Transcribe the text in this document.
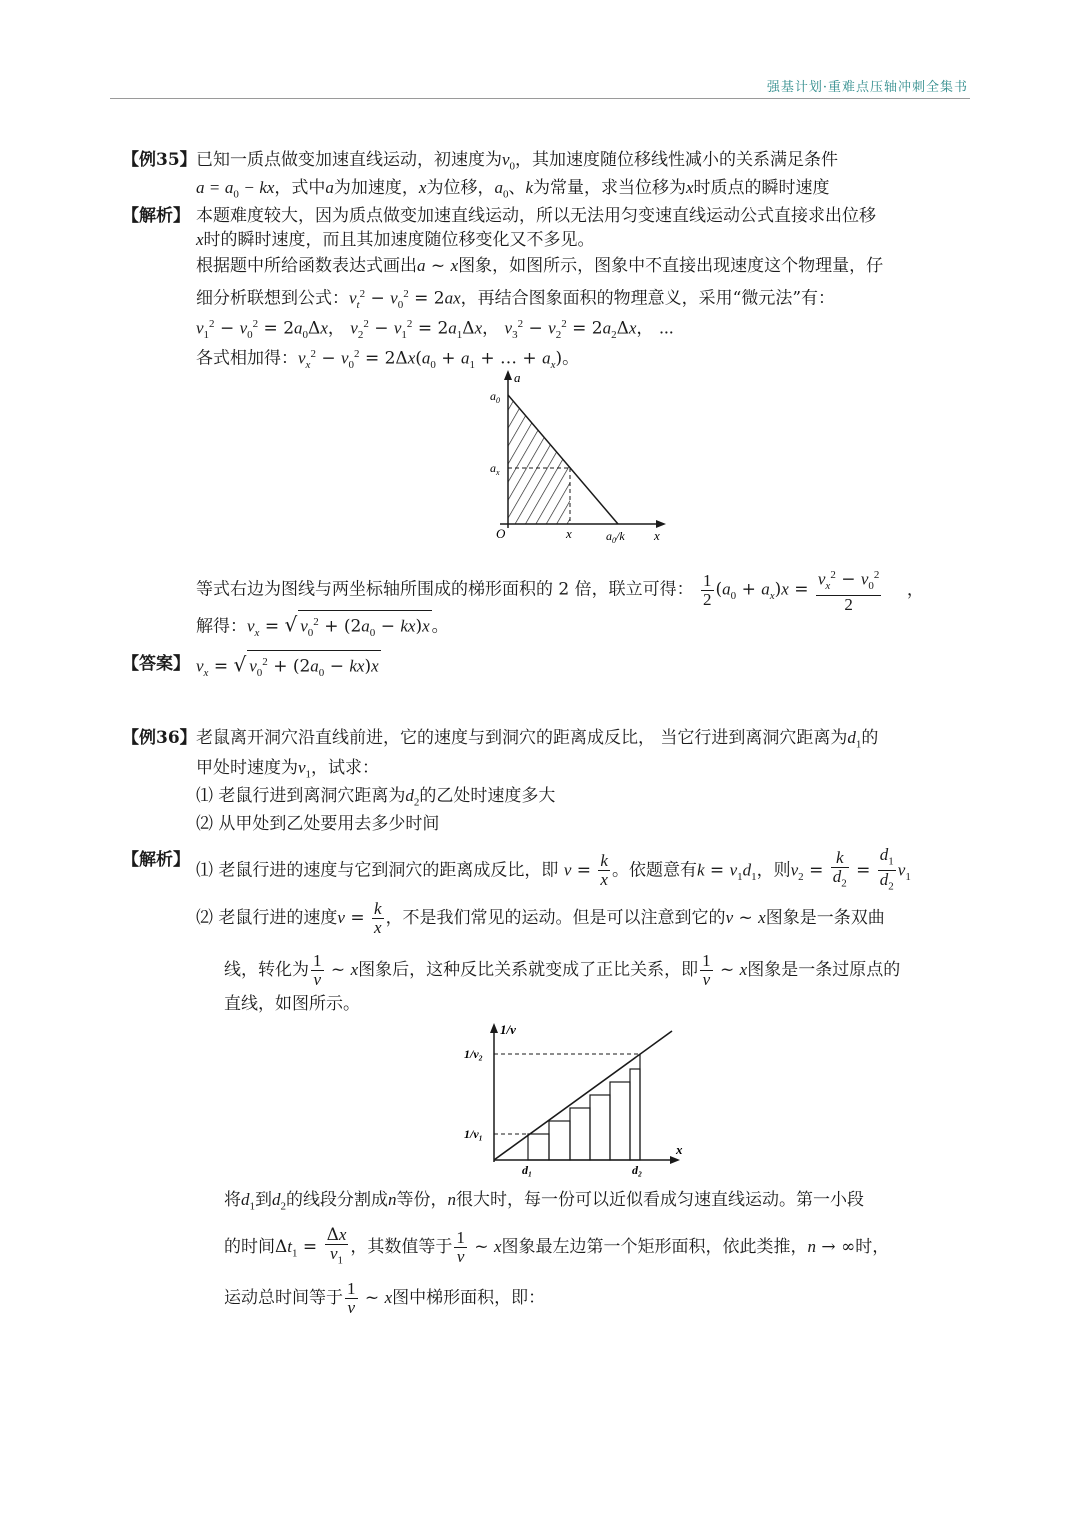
强基计划·重难点压轴冲刺全集书
【例35】 已知一质点做变加速直线运动，初速度为$v_0$，其加速度随位移线性减小的关系满足条件
$a = a_0$ − kx，式中a为加速度，x为位移，$a_0$、k为常量，求当位移为x时质点的瞬时速度
【解析】 本题难度较大，因为质点做变加速直线运动，所以无法用匀变速直线运动公式直接求出位移
x时的瞬时速度，而且其加速度随位移变化又不多见。
根据题中所给函数表达式画出a ~ x图象，如图所示，图象中不直接出现速度这个物理量，仔
细分析联想到公式：$v_t^2 - v_0^2 = 2ax$，再结合图象面积的物理意义，采用“微元法”有：
$v_1^2 - v_0^2 = 2a_0\Delta x$， $v_2^2 - v_1^2 = 2a_1\Delta x$， $v_3^2 - v_2^2 = 2a_2\Delta x$， ⋯
各式相加得：$v_x^2 - v_0^2 = 2\Delta x(a_0 + a_1$ + … + $a_x$)。
a
$a_0$
$a_x$
O	x	$a_0/k$ x
等式右边为图线与两坐标轴所围成的梯形面积的 2 倍，联立可得： $\frac{1}{2} (a_0 + a_x)x = \frac{v_x^2 - v_0^2}{2}$ ，
解得：$v_x$ = √ $v_0^2 + (2a_0 - kx)x$ 。
【答案】 $v_x$ = √ $v_0^2 + (2a_0 - kx)x$
【例36】 老鼠离开洞穴沿直线前进，它的速度与到洞穴的距离成反比， 当它行进到离洞穴距离为$d_1$的
甲处时速度为$v_1$，试求：
⑴ 老鼠行进到离洞穴距离为$d_2$的乙处时速度多大
⑵ 从甲处到乙处要用去多少时间
【解析】
⑴ 老鼠行进的速度与它到洞穴的距离成反比，即 $v = \frac{k}{x}$ 。依题意有$k = v_1d_1$，则$v_2 = \frac{k}{d_2} = \frac{d_1}{d_2} v_1$
⑵ 老鼠行进的速度$v = \frac{k}{x}$ ，不是我们常见的运动。但是可以注意到它的v ~ x图象是一条双曲
线，转化为 $\frac{1}{v}$ ~ x图象后，这种反比关系就变成了正比关系，即 $\frac{1}{v}$ ~ x图象是一条过原点的
直线，如图所示。
1/v
x
1/v₂
1/v₁
d₁	d₂
将$d_1$到$d_2$的线段分割成n等份，n很大时，每一份可以近似看成匀速直线运动。第一小段
的时间$\Delta t_1 = \frac{\Delta x}{v_1}$ ，其数值等于 $\frac{1}{v}$ ~ x图象最左边第一个矩形面积，依此类推，n → ∞时，
运动总时间等于 $\frac{1}{v}$ ~ x图中梯形面积，即：
